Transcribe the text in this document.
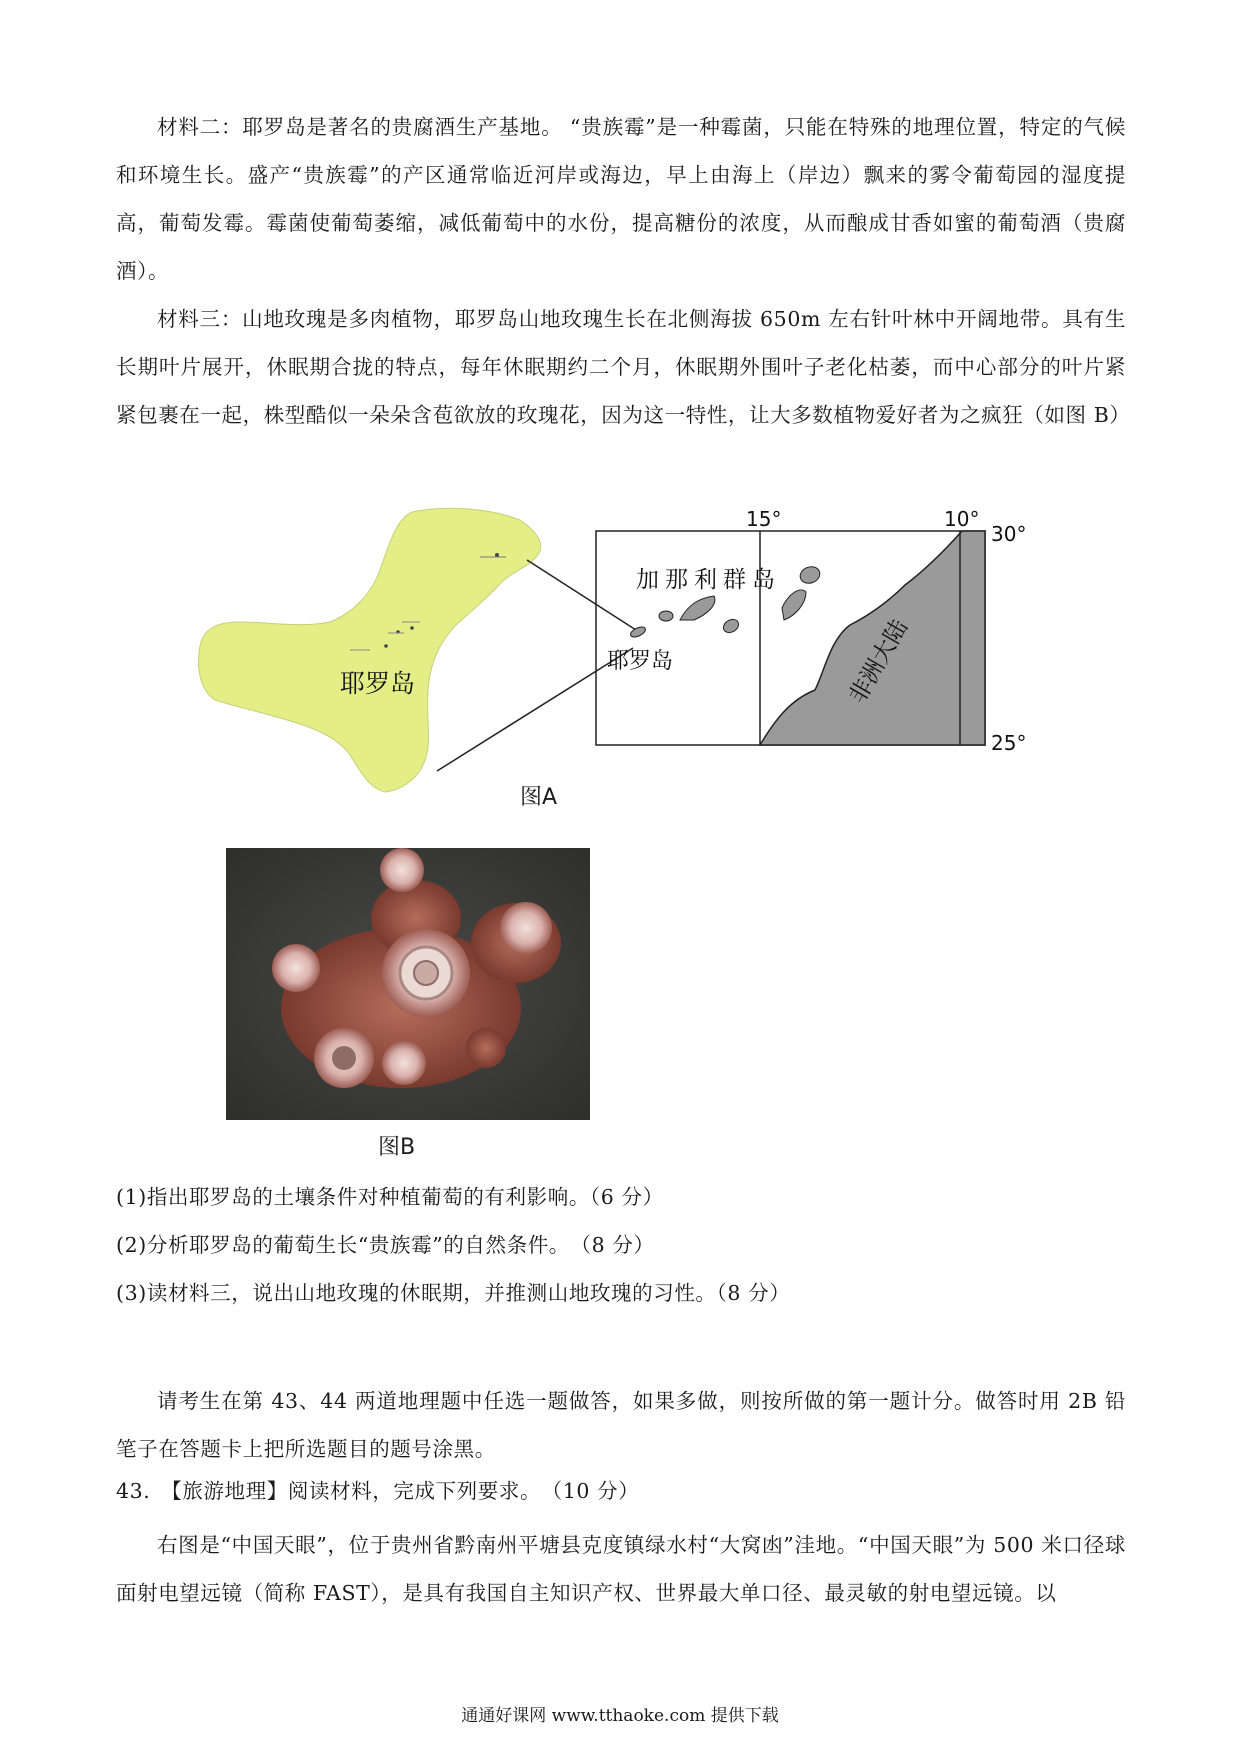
材料二：耶罗岛是著名的贵腐酒生产基地。 “贵族霉”是一种霉菌，只能在特殊的地理位置，特定的气候和环境生长。盛产“贵族霉”的产区通常临近河岸或海边，早上由海上（岸边）飘来的雾令葡萄园的湿度提高，葡萄发霉。霉菌使葡萄萎缩，减低葡萄中的水份，提高糖份的浓度，从而酿成甘香如蜜的葡萄酒（贵腐酒）。

材料三：山地玫瑰是多肉植物，耶罗岛山地玫瑰生长在北侧海拔 650m 左右针叶林中开阔地带。具有生长期叶片展开，休眠期合拢的特点，每年休眠期约二个月，休眠期外围叶子老化枯萎，而中心部分的叶片紧紧包裹在一起，株型酷似一朵朵含苞欲放的玫瑰花，因为这一特性，让大多数植物爱好者为之疯狂（如图 B）

耶罗岛
加那利群岛
耶罗岛	非洲大陆
15°	10°
30°
25°
图A
图B

(1)指出耶罗岛的土壤条件对种植葡萄的有利影响。（6 分）

(2)分析耶罗岛的葡萄生长“贵族霉”的自然条件。　（8 分）

(3)读材料三，说出山地玫瑰的休眠期，并推测山地玫瑰的习性。（8 分）

请考生在第 43、44 两道地理题中任选一题做答，如果多做，则按所做的第一题计分。做答时用 2B 铅笔子在答题卡上把所选题目的题号涂黑。

43.　【旅游地理】阅读材料，完成下列要求。　（10 分）

右图是“中国天眼”，位于贵州省黔南州平塘县克度镇绿水村“大窝凼”洼地。“中国天眼”为 500 米口径球面射电望远镜（简称 FAST），是具有我国自主知识产权、世界最大单口径、最灵敏的射电望远镜。以

通通好课网 www.tthaoke.com 提供下载
